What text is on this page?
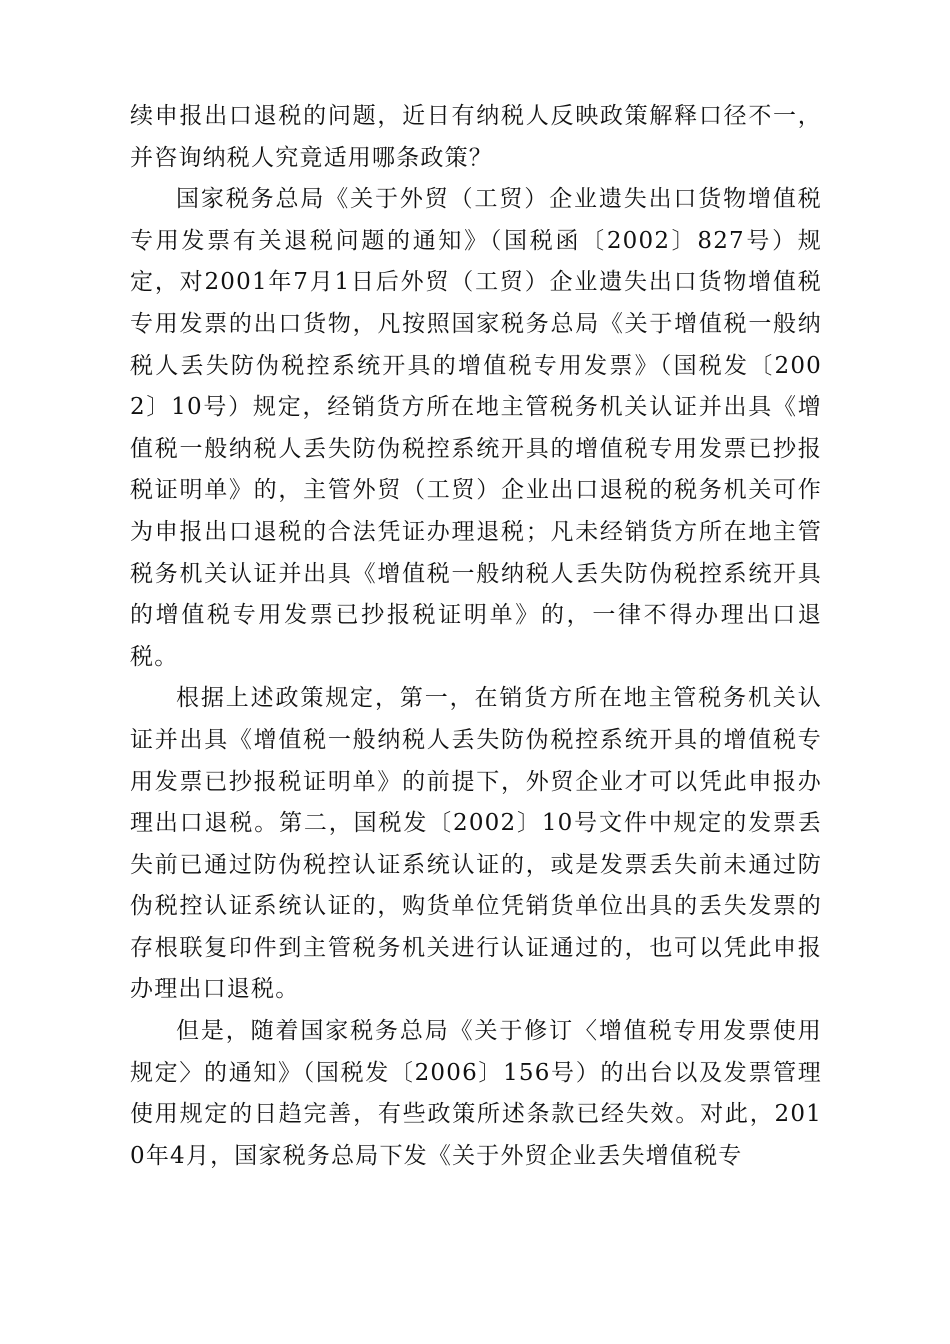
续申报出口退税的问题，近日有纳税人反映政策解释口径不一，并咨询纳税人究竟适用哪条政策？

国家税务总局《关于外贸（工贸）企业遗失出口货物增值税专用发票有关退税问题的通知》（国税函〔2002〕827号）规定，对2001年7月1日后外贸（工贸）企业遗失出口货物增值税专用发票的出口货物，凡按照国家税务总局《关于增值税一般纳税人丢失防伪税控系统开具的增值税专用发票》（国税发〔2002〕10号）规定，经销货方所在地主管税务机关认证并出具《增值税一般纳税人丢失防伪税控系统开具的增值税专用发票已抄报税证明单》的，主管外贸（工贸）企业出口退税的税务机关可作为申报出口退税的合法凭证办理退税；凡未经销货方所在地主管税务机关认证并出具《增值税一般纳税人丢失防伪税控系统开具的增值税专用发票已抄报税证明单》的，一律不得办理出口退税。

根据上述政策规定，第一，在销货方所在地主管税务机关认证并出具《增值税一般纳税人丢失防伪税控系统开具的增值税专用发票已抄报税证明单》的前提下，外贸企业才可以凭此申报办理出口退税。第二，国税发〔2002〕10号文件中规定的发票丢失前已通过防伪税控认证系统认证的，或是发票丢失前未通过防伪税控认证系统认证的，购货单位凭销货单位出具的丢失发票的存根联复印件到主管税务机关进行认证通过的，也可以凭此申报办理出口退税。

但是，随着国家税务总局《关于修订〈增值税专用发票使用规定〉的通知》（国税发〔2006〕156号）的出台以及发票管理使用规定的日趋完善，有些政策所述条款已经失效。对此，2010年4月，国家税务总局下发《关于外贸企业丢失增值税专
